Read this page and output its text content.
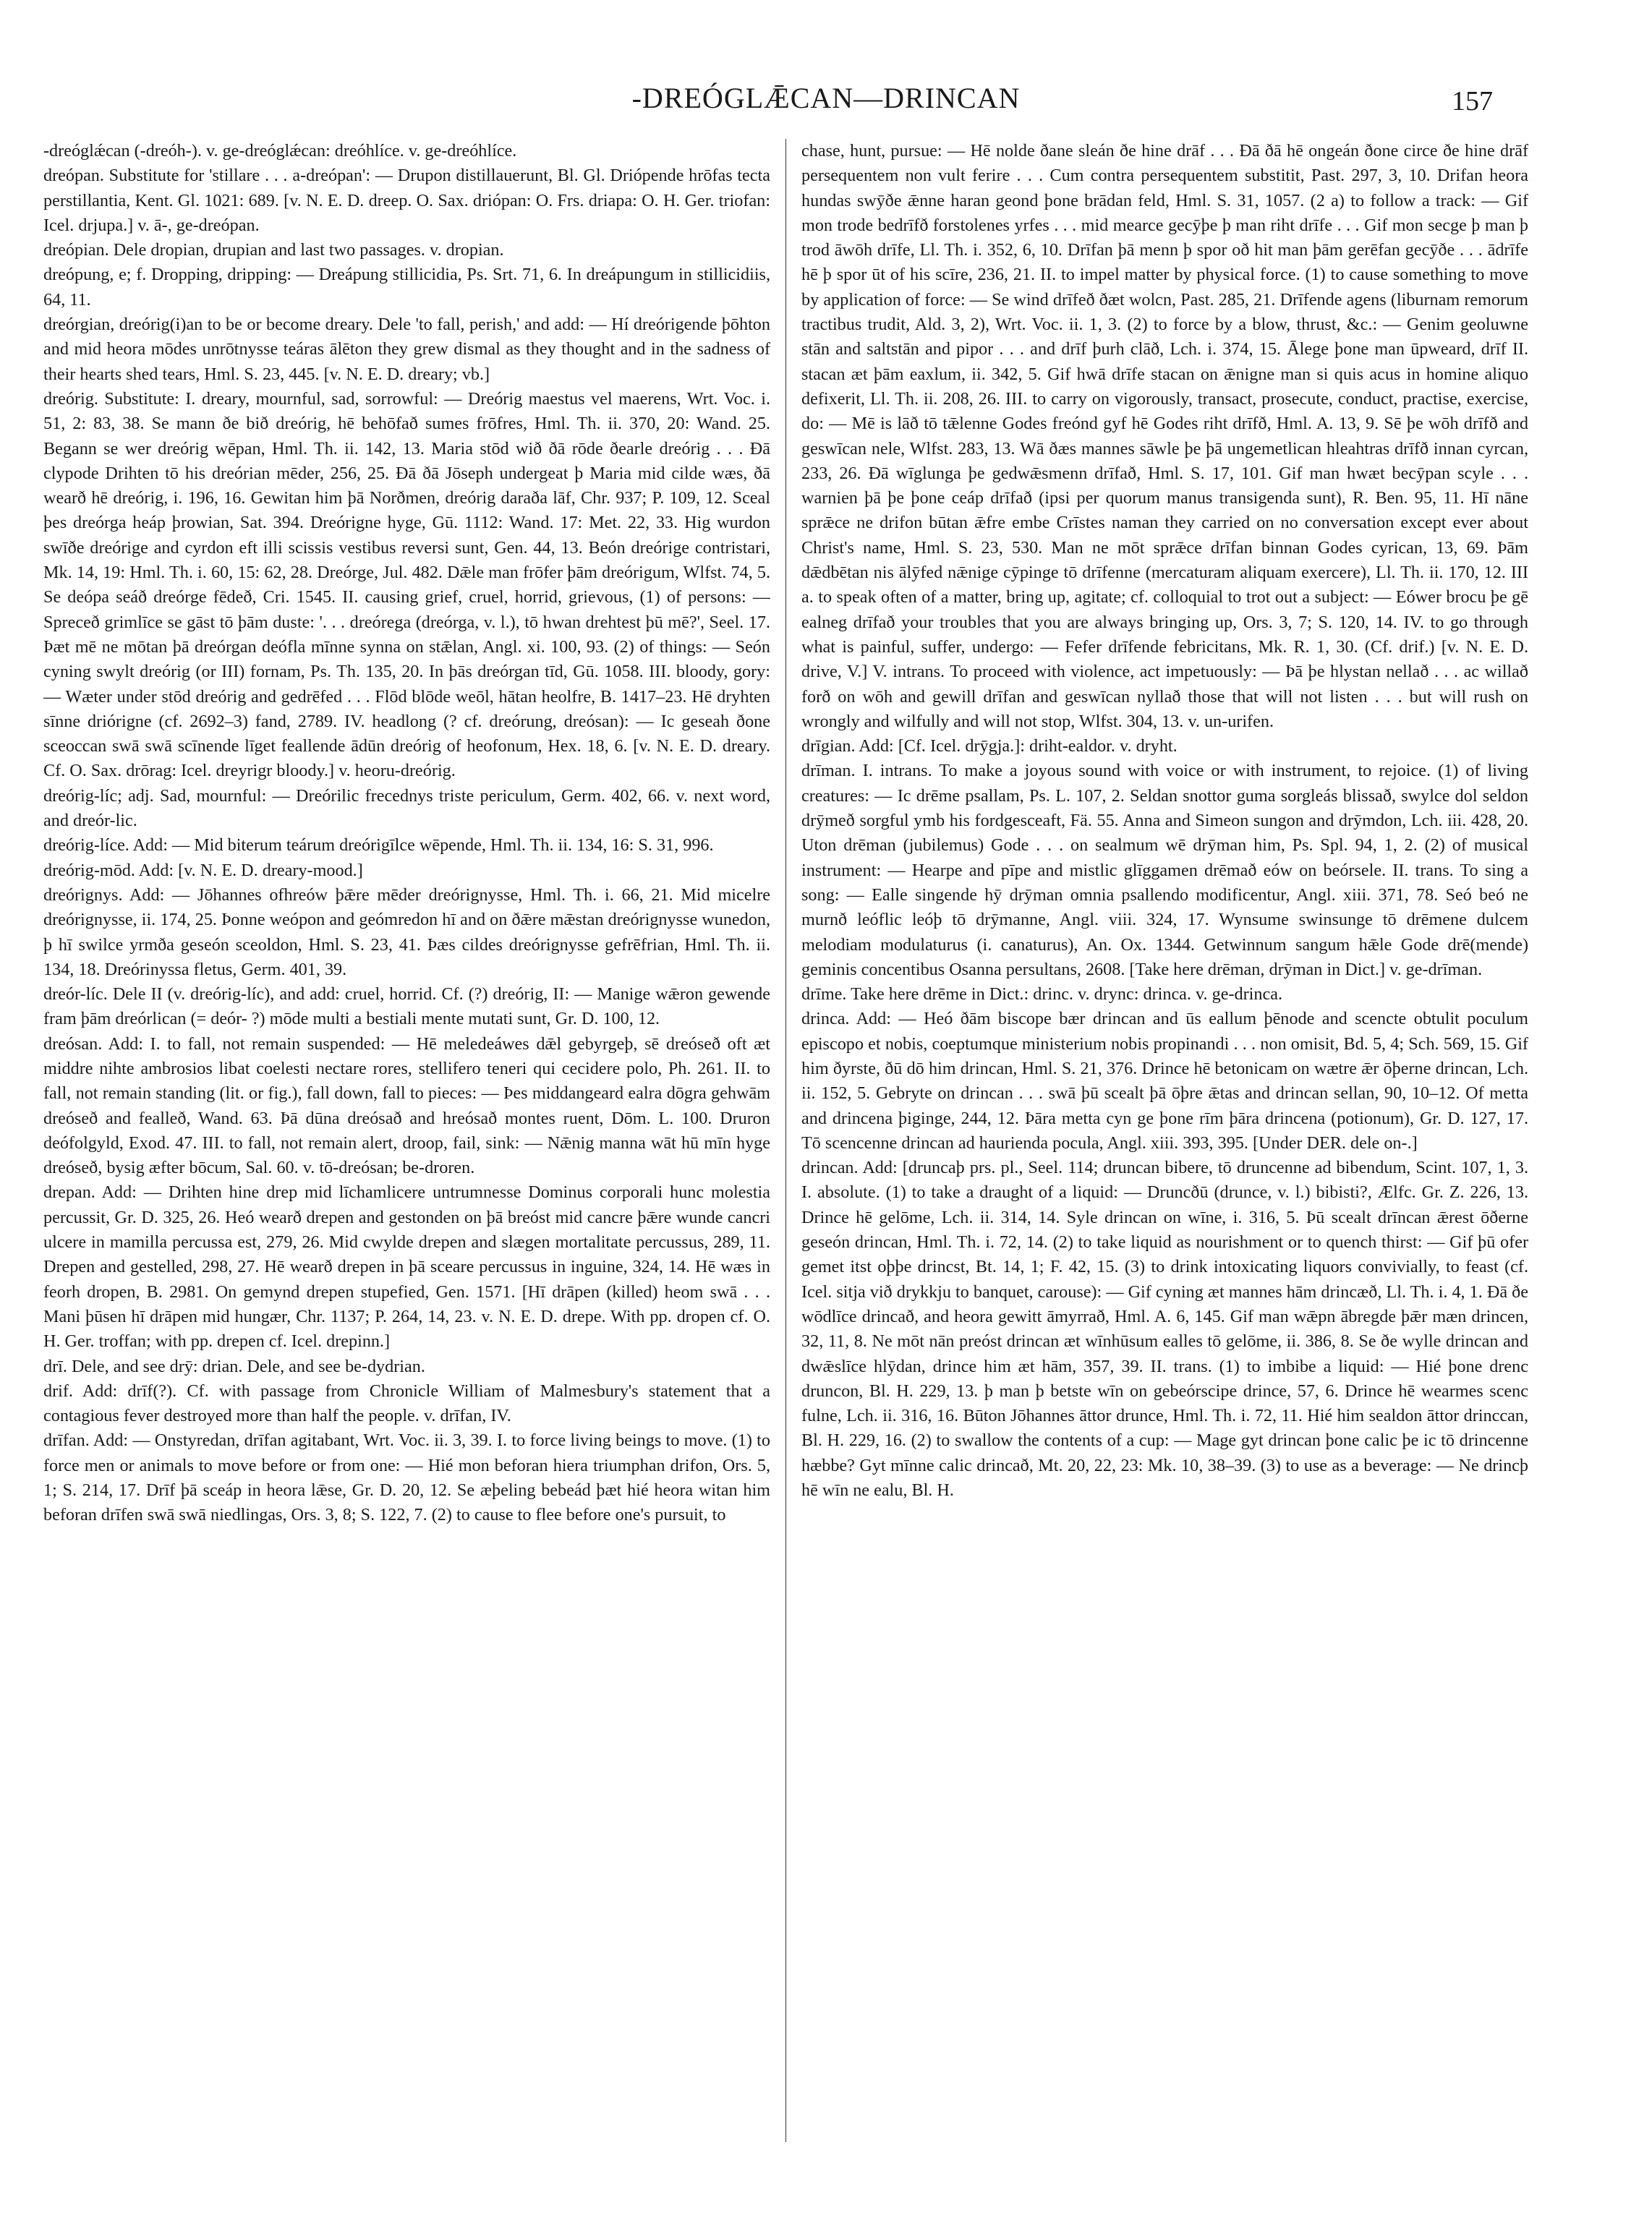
-DREÓGLǢCAN—DRINCAN	157

-dreóglǽcan (-dreóh-). v. ge-dreóglǽcan: dreóhlíce. v. ge-dreóhlíce.

dreópan. Substitute for 'stillare . . . a-dreópan': — Drupon distillauerunt, Bl. Gl. Driópende hrōfas tecta perstillantia, Kent. Gl. 1021: 689. [v. N. E. D. dreep. O. Sax. driópan: O. Frs. driapa: O. H. Ger. triofan: Icel. drjupa.] v. ā-, ge-dreópan.

dreópian. Dele dropian, drupian and last two passages. v. dropian.

dreópung, e; f. Dropping, dripping: — Dreápung stillicidia, Ps. Srt. 71, 6. In dreápungum in stillicidiis, 64, 11.

dreórgian, dreórig(i)an to be or become dreary. Dele 'to fall, perish,' and add: — Hí dreórigende þōhton and mid heora mōdes unrōtnysse teáras ālēton they grew dismal as they thought and in the sadness of their hearts shed tears, Hml. S. 23, 445. [v. N. E. D. dreary; vb.]

dreórig. Substitute: I. dreary, mournful, sad, sorrowful: — Dreórig maestus vel maerens, Wrt. Voc. i. 51, 2: 83, 38. Se mann ðe bið dreórig, hē behōfað sumes frōfres, Hml. Th. ii. 370, 20: Wand. 25. Begann se wer dreórig wēpan, Hml. Th. ii. 142, 13. Maria stōd wið ðā rōde ðearle dreórig . . . Ðā clypode Drihten tō his dreórian mēder, 256, 25. Ðā ðā Jōseph undergeat þ Maria mid cilde wæs, ðā wearð hē dreórig, i. 196, 16. Gewitan him þā Norðmen, dreórig daraða lāf, Chr. 937; P. 109, 12. Sceal þes dreórga heáp þrowian, Sat. 394. Dreórigne hyge, Gū. 1112: Wand. 17: Met. 22, 33. Hig wurdon swīðe dreórige and cyrdon eft illi scissis vestibus reversi sunt, Gen. 44, 13. Beón dreórige contristari, Mk. 14, 19: Hml. Th. i. 60, 15: 62, 28. Dreórge, Jul. 482. Dǣle man frōfer þām dreórigum, Wlfst. 74, 5. Se deópa seáð dreórge fēdeð, Cri. 1545. II. causing grief, cruel, horrid, grievous, (1) of persons: — Spreceð grimlīce se gāst tō þām duste: '. . . dreórega (dreórga, v. l.), tō hwan drehtest þū mē?', Seel. 17. Þæt mē ne mōtan þā dreórgan deófla mīnne synna on stǣlan, Angl. xi. 100, 93. (2) of things: — Seón cyning swylt dreórig (or III) fornam, Ps. Th. 135, 20. In þās dreórgan tīd, Gū. 1058. III. bloody, gory: — Wæter under stōd dreórig and gedrēfed . . . Flōd blōde weōl, hātan heolfre, B. 1417–23. Hē dryhten sīnne driórigne (cf. 2692–3) fand, 2789. IV. headlong (? cf. dreórung, dreósan): — Ic geseah ðone sceoccan swā swā scīnende līget feallende ādūn dreórig of heofonum, Hex. 18, 6. [v. N. E. D. dreary. Cf. O. Sax. drōrag: Icel. dreyrigr bloody.] v. heoru-dreórig.

dreórig-líc; adj. Sad, mournful: — Dreórilic frecednys triste periculum, Germ. 402, 66. v. next word, and dreór-lic.

dreórig-líce. Add: — Mid biterum teárum dreórigīlce wēpende, Hml. Th. ii. 134, 16: S. 31, 996.

dreórig-mōd. Add: [v. N. E. D. dreary-mood.]

dreórignys. Add: — Jōhannes ofhreów þǣre mēder dreórignysse, Hml. Th. i. 66, 21. Mid micelre dreórignysse, ii. 174, 25. Þonne weópon and geómredon hī and on ðǣre mǣstan dreórignysse wunedon, þ hī swilce yrmða geseón sceoldon, Hml. S. 23, 41. Þæs cildes dreórignysse gefrēfrian, Hml. Th. ii. 134, 18. Dreórinyssa fletus, Germ. 401, 39.

dreór-líc. Dele II (v. dreórig-líc), and add: cruel, horrid. Cf. (?) dreórig, II: — Manige wǣron gewende fram þām dreórlican (= deór- ?) mōde multi a bestiali mente mutati sunt, Gr. D. 100, 12.

dreósan. Add: I. to fall, not remain suspended: — Hē meledeáwes dǣl gebyrgeþ, sē dreóseð oft æt middre nihte ambrosios libat coelesti nectare rores, stellifero teneri qui cecidere polo, Ph. 261. II. to fall, not remain standing (lit. or fig.), fall down, fall to pieces: — Þes middangeard ealra dōgra gehwām dreóseð and fealleð, Wand. 63. Þā dūna dreósað and hreósað montes ruent, Dōm. L. 100. Druron deófolgyld, Exod. 47. III. to fall, not remain alert, droop, fail, sink: — Nǣnig manna wāt hū mīn hyge dreóseð, bysig æfter bōcum, Sal. 60. v. tō-dreósan; be-droren.

drepan. Add: — Drihten hine drep mid līchamlicere untrumnesse Dominus corporali hunc molestia percussit, Gr. D. 325, 26. Heó wearð drepen and gestonden on þā breóst mid cancre þǣre wunde cancri ulcere in mamilla percussa est, 279, 26. Mid cwylde drepen and slægen mortalitate percussus, 289, 11. Drepen and gestelled, 298, 27. Hē wearð drepen in þā sceare percussus in inguine, 324, 14. Hē wæs in feorh dropen, B. 2981. On gemynd drepen stupefied, Gen. 1571. [Hī drāpen (killed) heom swā . . . Mani þūsen hī drāpen mid hungær, Chr. 1137; P. 264, 14, 23. v. N. E. D. drepe. With pp. dropen cf. O. H. Ger. troffan; with pp. drepen cf. Icel. drepinn.]

drī. Dele, and see drȳ: drian. Dele, and see be-dydrian.

drif. Add: drīf(?). Cf. with passage from Chronicle William of Malmesbury's statement that a contagious fever destroyed more than half the people. v. drīfan, IV.

drīfan. Add: — Onstyredan, drīfan agitabant, Wrt. Voc. ii. 3, 39. I. to force living beings to move. (1) to force men or animals to move before or from one: — Hié mon beforan hiera triumphan drifon, Ors. 5, 1; S. 214, 17. Drīf þā sceáp in heora lǣse, Gr. D. 20, 12. Se æþeling bebeád þæt hié heora witan him beforan drīfen swā swā niedlingas, Ors. 3, 8; S. 122, 7. (2) to cause to flee before one's pursuit, to

chase, hunt, pursue: — Hē nolde ðane sleán ðe hine drāf . . . Ðā ðā hē ongeán ðone circe ðe hine drāf persequentem non vult ferire . . . Cum contra persequentem substitit, Past. 297, 3, 10. Drifan heora hundas swȳðe ǣnne haran geond þone brādan feld, Hml. S. 31, 1057. (2 a) to follow a track: — Gif mon trode bedrīfð forstolenes yrfes . . . mid mearce gecȳþe þ man riht drīfe . . . Gif mon secge þ man þ trod āwōh drīfe, Ll. Th. i. 352, 6, 10. Drīfan þā menn þ spor oð hit man þām gerēfan gecȳðe . . . ādrīfe hē þ spor ūt of his scīre, 236, 21. II. to impel matter by physical force. (1) to cause something to move by application of force: — Se wind drīfeð ðæt wolcn, Past. 285, 21. Drīfende agens (liburnam remorum tractibus trudit, Ald. 3, 2), Wrt. Voc. ii. 1, 3. (2) to force by a blow, thrust, &c.: — Genim geoluwne stān and saltstān and pipor . . . and drīf þurh clāð, Lch. i. 374, 15. Ālege þone man ūpweard, drīf II. stacan æt þām eaxlum, ii. 342, 5. Gif hwā drīfe stacan on ǣnigne man si quis acus in homine aliquo defixerit, Ll. Th. ii. 208, 26. III. to carry on vigorously, transact, prosecute, conduct, practise, exercise, do: — Mē is lāð tō tǣlenne Godes freónd gyf hē Godes riht drīfð, Hml. A. 13, 9. Sē þe wōh drīfð and geswīcan nele, Wlfst. 283, 13. Wā ðæs mannes sāwle þe þā ungemetlican hleahtras drīfð innan cyrcan, 233, 26. Ðā wīglunga þe gedwǣsmenn drīfað, Hml. S. 17, 101. Gif man hwæt becȳpan scyle . . . warnien þā þe þone ceáp drīfað (ipsi per quorum manus transigenda sunt), R. Ben. 95, 11. Hī nāne sprǣce ne drifon būtan ǣfre embe Crīstes naman they carried on no conversation except ever about Christ's name, Hml. S. 23, 530. Man ne mōt sprǣce drīfan binnan Godes cyrican, 13, 69. Þām dǣdbētan nis ālȳfed nǣnige cȳpinge tō drīfenne (mercaturam aliquam exercere), Ll. Th. ii. 170, 12. III a. to speak often of a matter, bring up, agitate; cf. colloquial to trot out a subject: — Eówer brocu þe gē ealneg drīfað your troubles that you are always bringing up, Ors. 3, 7; S. 120, 14. IV. to go through what is painful, suffer, undergo: — Fefer drīfende febricitans, Mk. R. 1, 30. (Cf. drif.) [v. N. E. D. drive, V.] V. intrans. To proceed with violence, act impetuously: — Þā þe hlystan nellað . . . ac willað forð on wōh and gewill drīfan and geswīcan nyllað those that will not listen . . . but will rush on wrongly and wilfully and will not stop, Wlfst. 304, 13. v. un-urifen.

drīgian. Add: [Cf. Icel. drȳgja.]: driht-ealdor. v. dryht.

drīman. I. intrans. To make a joyous sound with voice or with instrument, to rejoice. (1) of living creatures: — Ic drēme psallam, Ps. L. 107, 2. Seldan snottor guma sorgleás blissað, swylce dol seldon drȳmeð sorgful ymb his fordgesceaft, Fä. 55. Anna and Simeon sungon and drȳmdon, Lch. iii. 428, 20. Uton drēman (jubilemus) Gode . . . on sealmum wē drȳman him, Ps. Spl. 94, 1, 2. (2) of musical instrument: — Hearpe and pīpe and mistlic glīggamen drēmað eów on beórsele. II. trans. To sing a song: — Ealle singende hȳ drȳman omnia psallendo modificentur, Angl. xiii. 371, 78. Seó beó ne murnð leóflic leóþ tō drȳmanne, Angl. viii. 324, 17. Wynsume swinsunge tō drēmene dulcem melodiam modulaturus (i. canaturus), An. Ox. 1344. Getwinnum sangum hǣle Gode drē(mende) geminis concentibus Osanna persultans, 2608. [Take here drēman, drȳman in Dict.] v. ge-drīman.

drīme. Take here drēme in Dict.: drinc. v. drync: drinca. v. ge-drinca.

drinca. Add: — Heó ðām biscope bær drincan and ūs eallum þēnode and scencte obtulit poculum episcopo et nobis, coeptumque ministerium nobis propinandi . . . non omisit, Bd. 5, 4; Sch. 569, 15. Gif him ðyrste, ðū dō him drincan, Hml. S. 21, 376. Drince hē betonicam on wætre ǣr ōþerne drincan, Lch. ii. 152, 5. Gebryte on drincan . . . swā þū scealt þā ōþre ǣtas and drincan sellan, 90, 10–12. Of metta and drincena þiginge, 244, 12. Þāra metta cyn ge þone rīm þāra drincena (potionum), Gr. D. 127, 17. Tō scencenne drincan ad haurienda pocula, Angl. xiii. 393, 395. [Under DER. dele on-.]

drincan. Add: [druncaþ prs. pl., Seel. 114; druncan bibere, tō druncenne ad bibendum, Scint. 107, 1, 3. I. absolute. (1) to take a draught of a liquid: — Druncðū (drunce, v. l.) bibisti?, Ælfc. Gr. Z. 226, 13. Drince hē gelōme, Lch. ii. 314, 14. Syle drincan on wīne, i. 316, 5. Þū scealt drīncan ǣrest ōðerne geseón drincan, Hml. Th. i. 72, 14. (2) to take liquid as nourishment or to quench thirst: — Gif þū ofer gemet itst oþþe drincst, Bt. 14, 1; F. 42, 15. (3) to drink intoxicating liquors convivially, to feast (cf. Icel. sitja við drykkju to banquet, carouse): — Gif cyning æt mannes hām drincæð, Ll. Th. i. 4, 1. Ðā ðe wōdlīce drincað, and heora gewitt āmyrrað, Hml. A. 6, 145. Gif man wǣpn ābregde þǣr mæn drincen, 32, 11, 8. Ne mōt nān preóst drincan æt wīnhūsum ealles tō gelōme, ii. 386, 8. Se ðe wylle drincan and dwǣslīce hlȳdan, drince him æt hām, 357, 39. II. trans. (1) to imbibe a liquid: — Hié þone drenc druncon, Bl. H. 229, 13. þ man þ betste wīn on gebeórscipe drince, 57, 6. Drince hē wearmes scenc fulne, Lch. ii. 316, 16. Būton Jōhannes āttor drunce, Hml. Th. i. 72, 11. Hié him sealdon āttor drinccan, Bl. H. 229, 16. (2) to swallow the contents of a cup: — Mage gyt drincan þone calic þe ic tō drincenne hæbbe? Gyt mīnne calic drincað, Mt. 20, 22, 23: Mk. 10, 38–39. (3) to use as a beverage: — Ne drincþ hē wīn ne ealu, Bl. H.
